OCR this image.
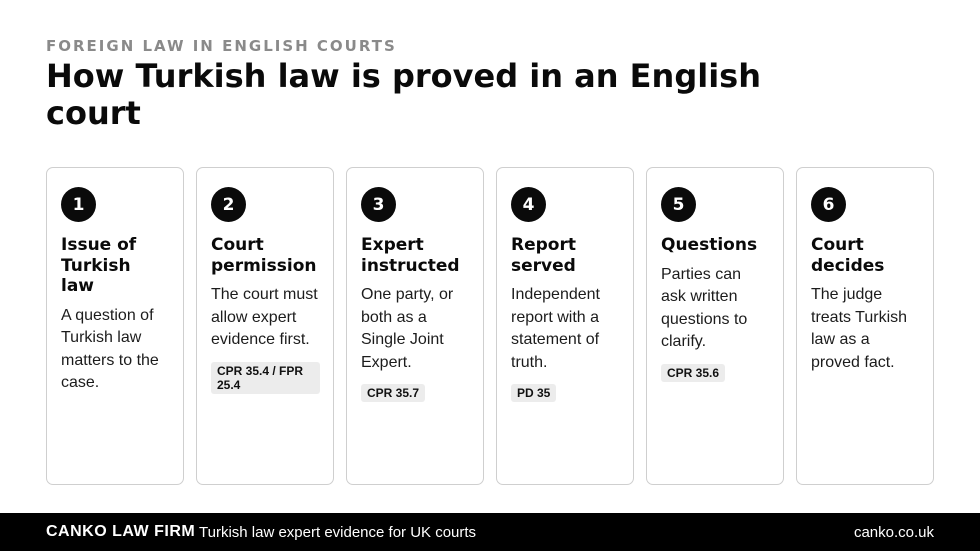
FOREIGN LAW IN ENGLISH COURTS
How Turkish law is proved in an English court
1
Issue of Turkish law
A question of Turkish law matters to the case.
2
Court permission
The court must allow expert evidence first.
CPR 35.4 / FPR 25.4
3
Expert instructed
One party, or both as a Single Joint Expert.
CPR 35.7
4
Report served
Independent report with a statement of truth.
PD 35
5
Questions
Parties can ask written questions to clarify.
CPR 35.6
6
Court decides
The judge treats Turkish law as a proved fact.
CANKO LAW FIRM Turkish law expert evidence for UK courts	canko.co.uk
